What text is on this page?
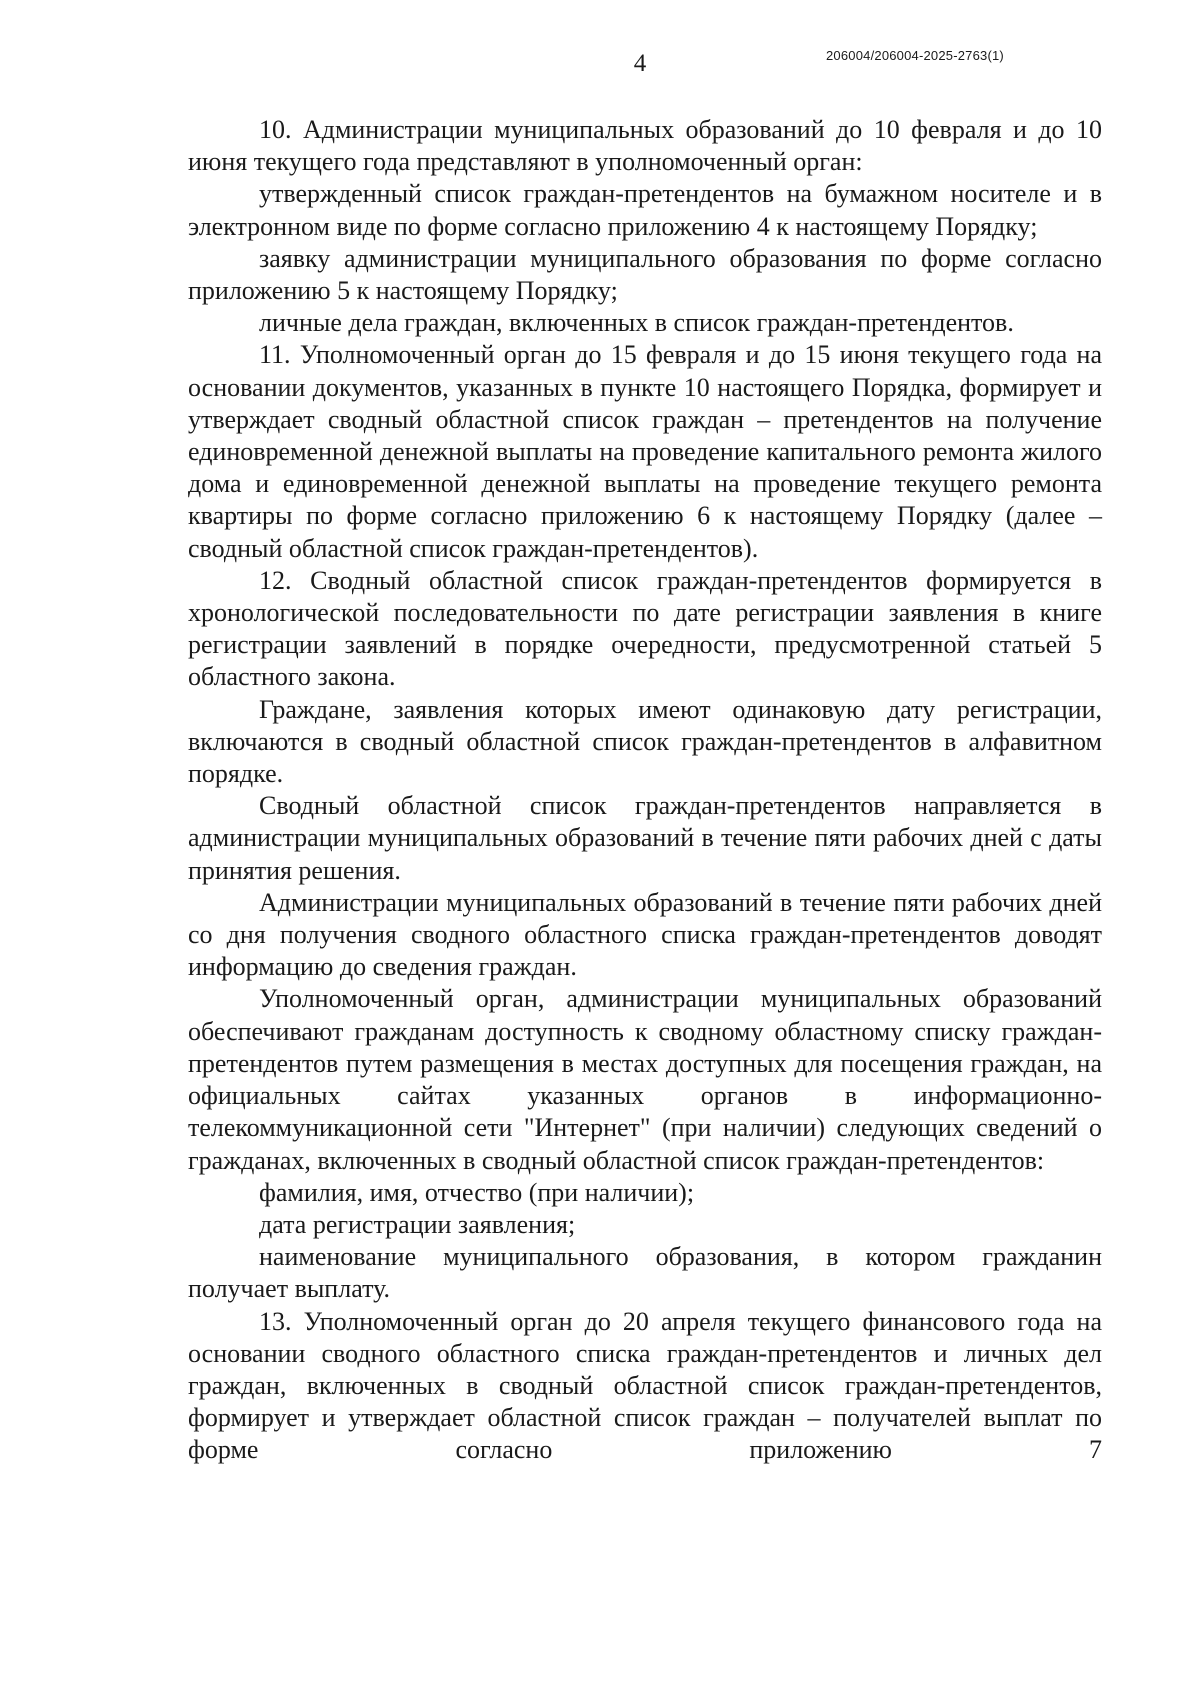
4	206004/206004-2025-2763(1)

10. Администрации муниципальных образований до 10 февраля и до 10 июня текущего года представляют в уполномоченный орган:

утвержденный список граждан-претендентов на бумажном носителе и в электронном виде по форме согласно приложению 4 к настоящему Порядку;

заявку администрации муниципального образования по форме согласно приложению 5 к настоящему Порядку;

личные дела граждан, включенных в список граждан-претендентов.

11. Уполномоченный орган до 15 февраля и до 15 июня текущего года на основании документов, указанных в пункте 10 настоящего Порядка, формирует и утверждает сводный областной список граждан – претендентов на получение единовременной денежной выплаты на проведение капитального ремонта жилого дома и единовременной денежной выплаты на проведение текущего ремонта квартиры по форме согласно приложению 6 к настоящему Порядку (далее – сводный областной список граждан-претендентов).

12. Сводный областной список граждан-претендентов формируется в хронологической последовательности по дате регистрации заявления в книге регистрации заявлений в порядке очередности, предусмотренной статьей 5 областного закона.

Граждане, заявления которых имеют одинаковую дату регистрации, включаются в сводный областной список граждан-претендентов в алфавитном порядке.

Сводный областной список граждан-претендентов направляется в администрации муниципальных образований в течение пяти рабочих дней с даты принятия решения.

Администрации муниципальных образований в течение пяти рабочих дней со дня получения сводного областного списка граждан-претендентов доводят информацию до сведения граждан.

Уполномоченный орган, администрации муниципальных образований обеспечивают гражданам доступность к сводному областному списку граждан-претендентов путем размещения в местах доступных для посещения граждан, на официальных сайтах указанных органов в информационно-телекоммуникационной сети "Интернет" (при наличии) следующих сведений о гражданах, включенных в сводный областной список граждан-претендентов:

фамилия, имя, отчество (при наличии);

дата регистрации заявления;

наименование муниципального образования, в котором гражданин получает выплату.

13. Уполномоченный орган до 20 апреля текущего финансового года на основании сводного областного списка граждан-претендентов и личных дел граждан, включенных в сводный областной список граждан-претендентов, формирует и утверждает областной список граждан – получателей выплат по форме согласно приложению 7
